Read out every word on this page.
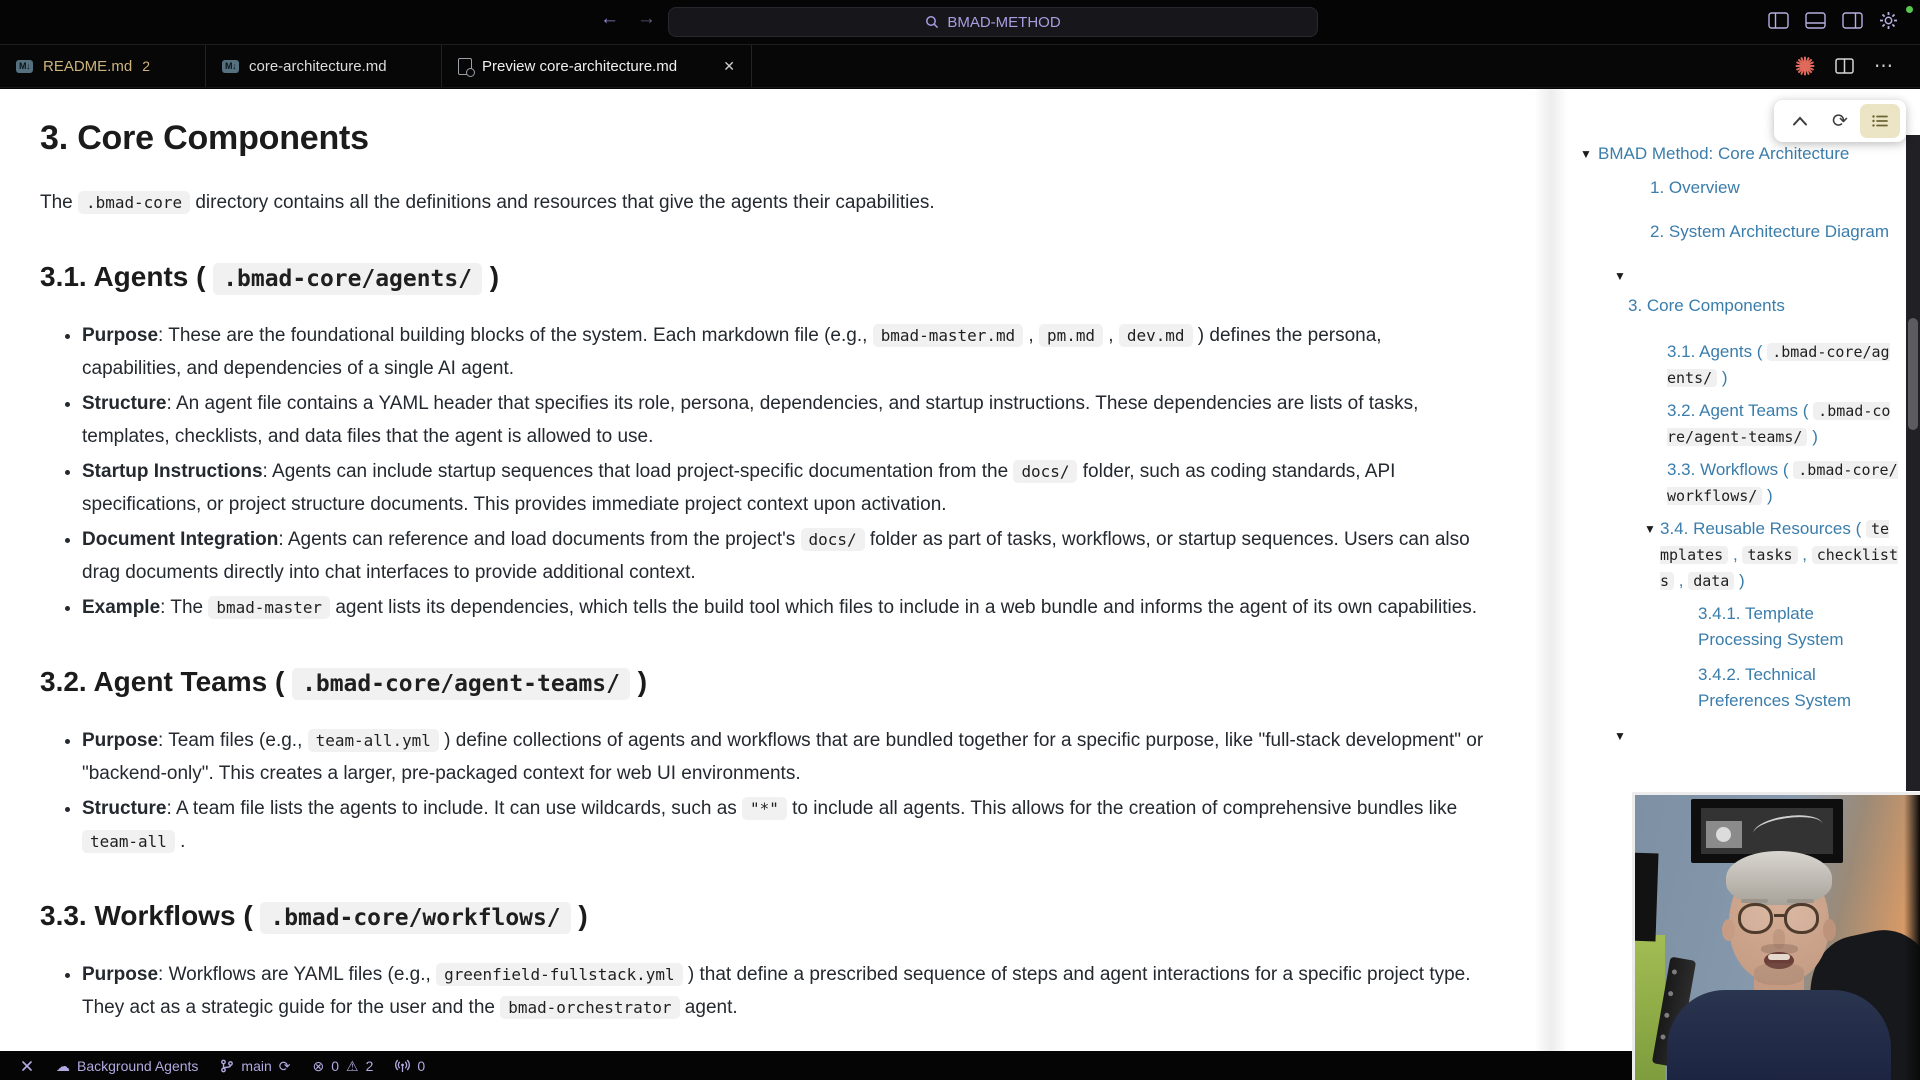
← →	BMAD-METHOD
M↓ README.md 2	M↓ core-architecture.md	Preview core-architecture.md	✕	⋯
3. Core Components

The .bmad-core directory contains all the definitions and resources that give the agents their capabilities.

3.1. Agents ( .bmad-core/agents/ )
• Purpose: These are the foundational building blocks of the system. Each markdown file (e.g., bmad-master.md , pm.md , dev.md ) defines the persona, capabilities, and dependencies of a single AI agent.
• Structure: An agent file contains a YAML header that specifies its role, persona, dependencies, and startup instructions. These dependencies are lists of tasks, templates, checklists, and data files that the agent is allowed to use.
• Startup Instructions: Agents can include startup sequences that load project-specific documentation from the docs/ folder, such as coding standards, API specifications, or project structure documents. This provides immediate project context upon activation.
• Document Integration: Agents can reference and load documents from the project's docs/ folder as part of tasks, workflows, or startup sequences. Users can also drag documents directly into chat interfaces to provide additional context.
• Example: The bmad-master agent lists its dependencies, which tells the build tool which files to include in a web bundle and informs the agent of its own capabilities.
3.2. Agent Teams ( .bmad-core/agent-teams/ )
• Purpose: Team files (e.g., team-all.yml ) define collections of agents and workflows that are bundled together for a specific purpose, like "full-stack development" or "backend-only". This creates a larger, pre-packaged context for web UI environments.
• Structure: A team file lists the agents to include. It can use wildcards, such as "*" to include all agents. This allows for the creation of comprehensive bundles like team-all .
3.3. Workflows ( .bmad-core/workflows/ )
• Purpose: Workflows are YAML files (e.g., greenfield-fullstack.yml ) that define a prescribed sequence of steps and agent interactions for a specific project type. They act as a strategic guide for the user and the bmad-orchestrator agent.
▼ BMAD Method: Core Architecture
1. Overview
2. System Architecture Diagram
▼
3. Core Components
3.1. Agents ( .bmad-core/agents/ )
3.2. Agent Teams ( .bmad-core/agent-teams/ )
3.3. Workflows ( .bmad-core/workflows/ )
▼ 3.4. Reusable Resources ( templates , tasks , checklists , data )
3.4.1. Template Processing System
3.4.2. Technical Preferences System
▼
⟳
☁ Background Agents	main ⟳ ⊗ 0 ⚠ 2	0
